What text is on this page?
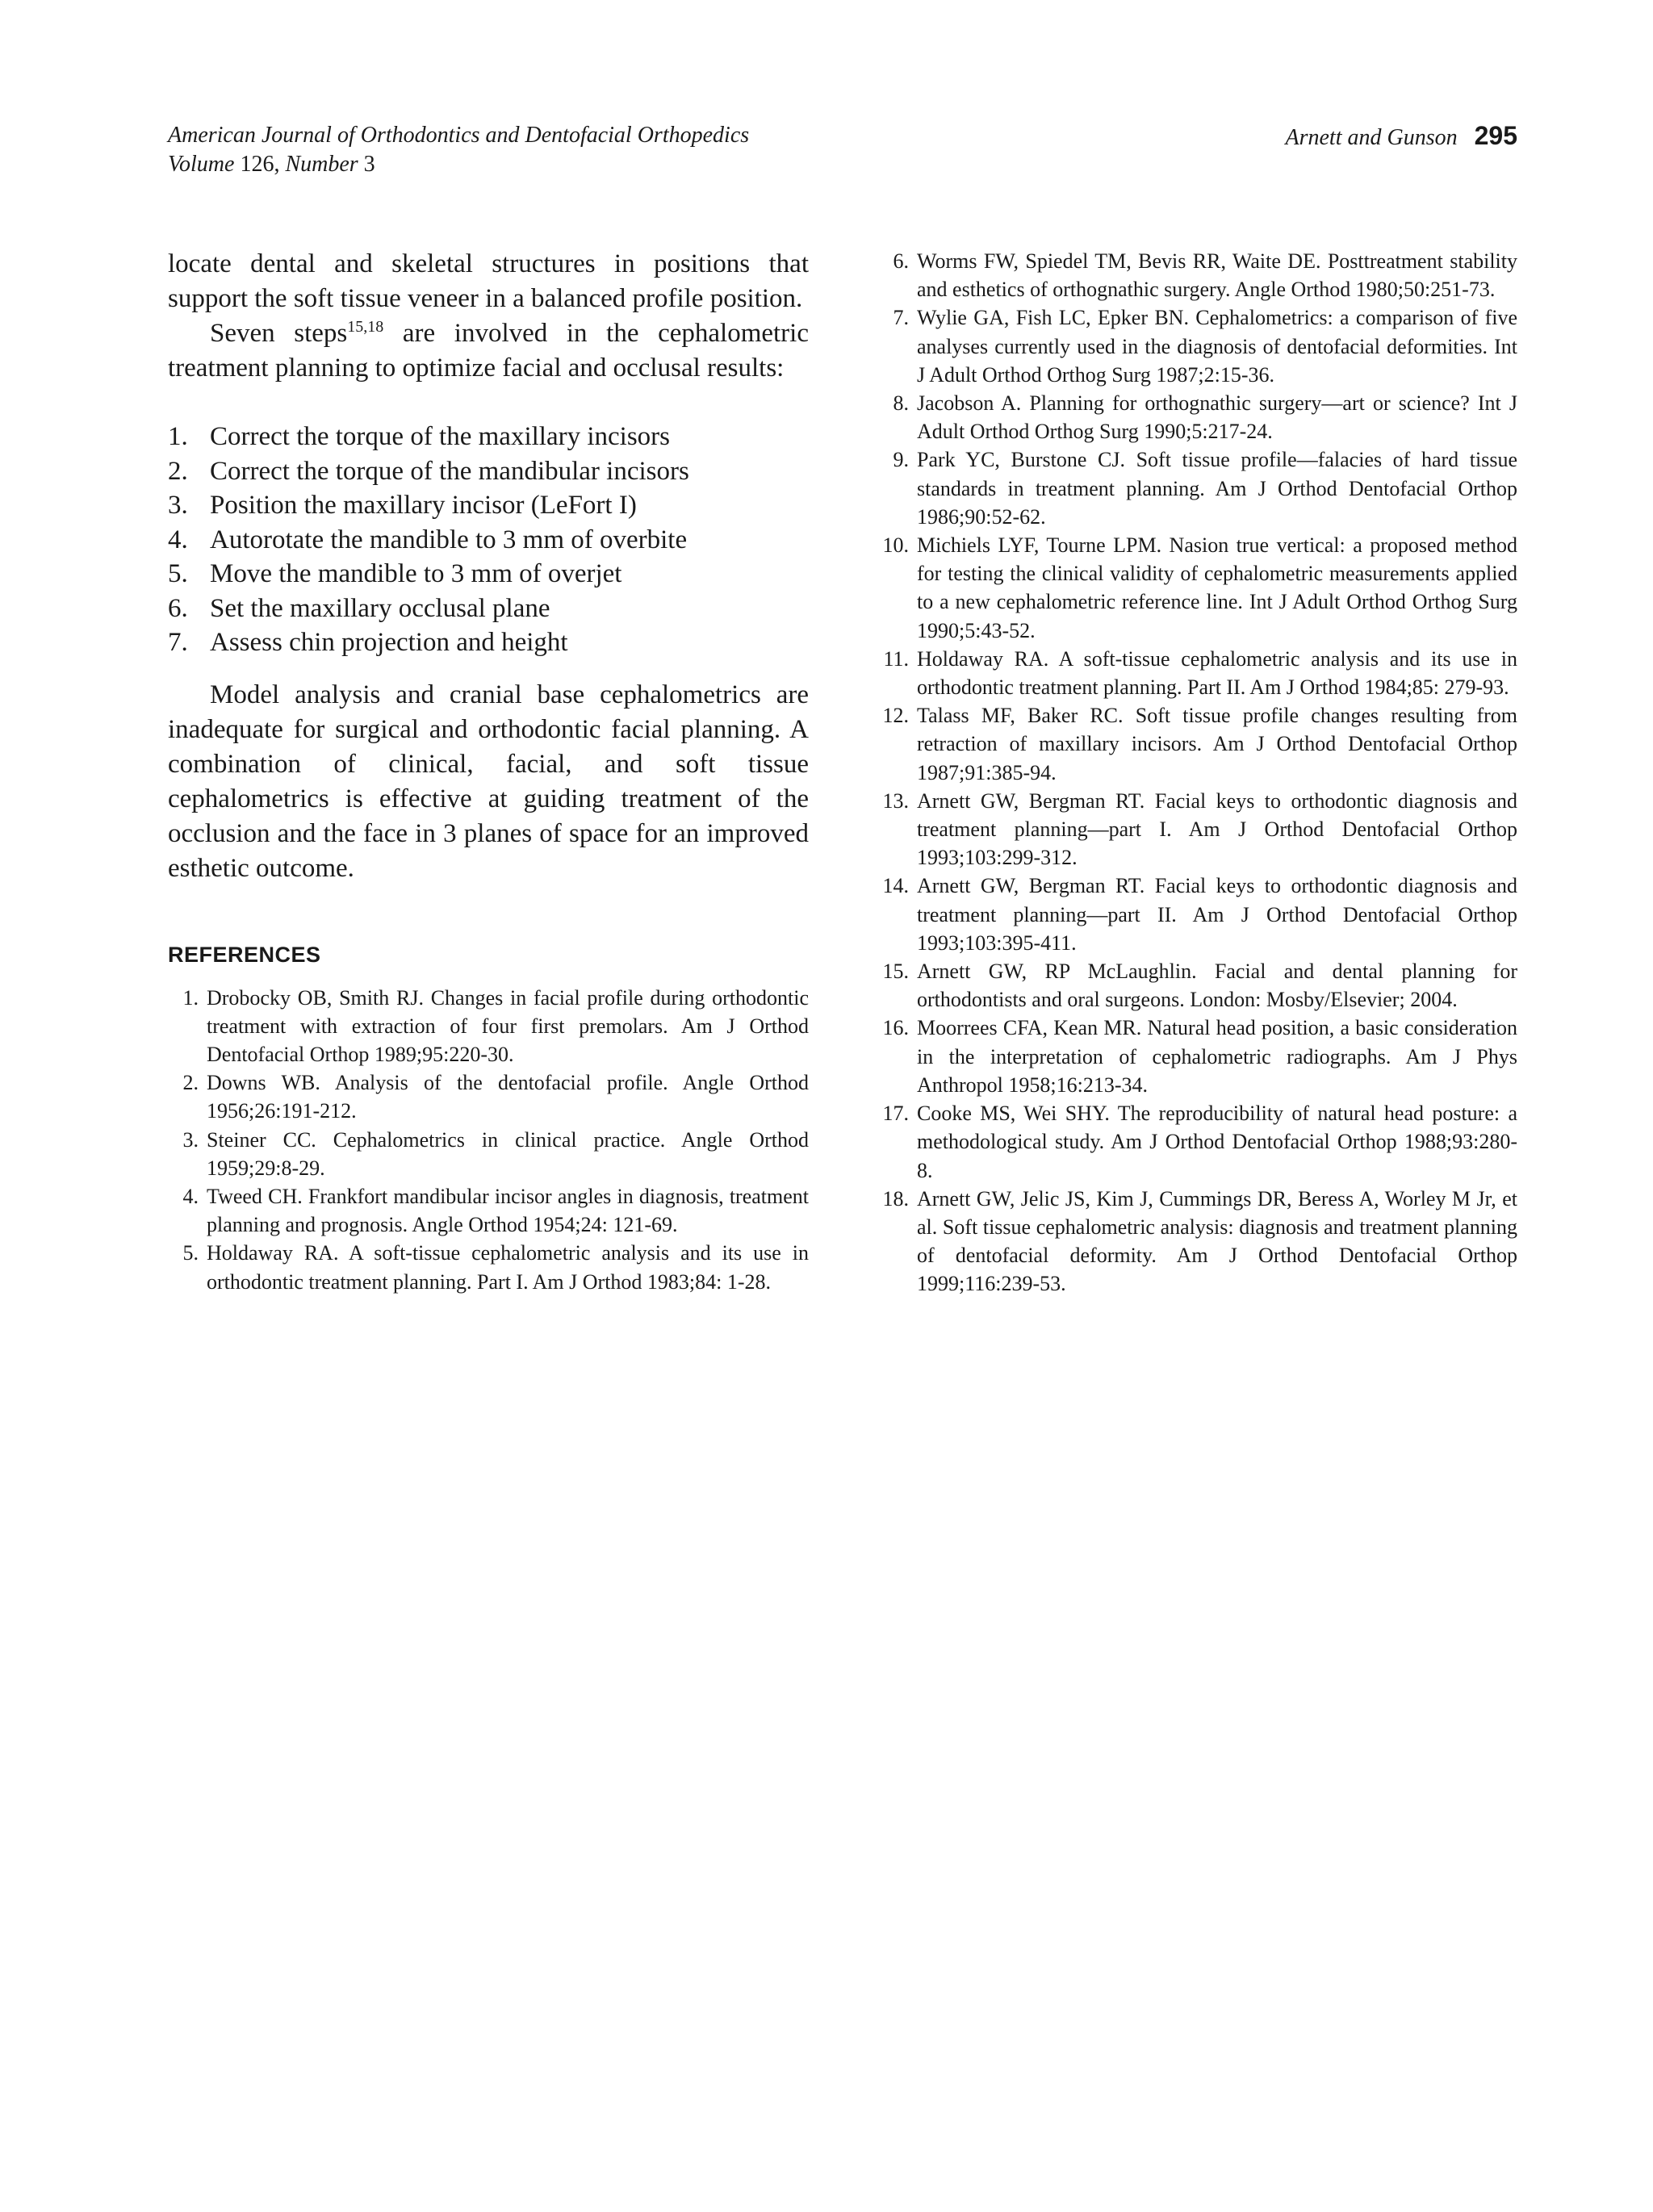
American Journal of Orthodontics and Dentofacial Orthopedics
Volume 126, Number 3
Arnett and Gunson 295

locate dental and skeletal structures in positions that support the soft tissue veneer in a balanced profile position.

Seven steps$^{15,18}$ are involved in the cephalometric treatment planning to optimize facial and occlusal results:

1. Correct the torque of the maxillary incisors
2. Correct the torque of the mandibular incisors
3. Position the maxillary incisor (LeFort I)
4. Autorotate the mandible to 3 mm of overbite
5. Move the mandible to 3 mm of overjet
6. Set the maxillary occlusal plane
7. Assess chin projection and height

Model analysis and cranial base cephalometrics are inadequate for surgical and orthodontic facial planning. A combination of clinical, facial, and soft tissue cephalometrics is effective at guiding treatment of the occlusion and the face in 3 planes of space for an improved esthetic outcome.

REFERENCES
1. Drobocky OB, Smith RJ. Changes in facial profile during orthodontic treatment with extraction of four first premolars. Am J Orthod Dentofacial Orthop 1989;95:220-30.
2. Downs WB. Analysis of the dentofacial profile. Angle Orthod 1956;26:191-212.
3. Steiner CC. Cephalometrics in clinical practice. Angle Orthod 1959;29:8-29.
4. Tweed CH. Frankfort mandibular incisor angles in diagnosis, treatment planning and prognosis. Angle Orthod 1954;24: 121-69.
5. Holdaway RA. A soft-tissue cephalometric analysis and its use in orthodontic treatment planning. Part I. Am J Orthod 1983;84: 1-28.
6. Worms FW, Spiedel TM, Bevis RR, Waite DE. Posttreatment stability and esthetics of orthognathic surgery. Angle Orthod 1980;50:251-73.
7. Wylie GA, Fish LC, Epker BN. Cephalometrics: a comparison of five analyses currently used in the diagnosis of dentofacial deformities. Int J Adult Orthod Orthog Surg 1987;2:15-36.
8. Jacobson A. Planning for orthognathic surgery—art or science? Int J Adult Orthod Orthog Surg 1990;5:217-24.
9. Park YC, Burstone CJ. Soft tissue profile—falacies of hard tissue standards in treatment planning. Am J Orthod Dentofacial Orthop 1986;90:52-62.
10. Michiels LYF, Tourne LPM. Nasion true vertical: a proposed method for testing the clinical validity of cephalometric measurements applied to a new cephalometric reference line. Int J Adult Orthod Orthog Surg 1990;5:43-52.
11. Holdaway RA. A soft-tissue cephalometric analysis and its use in orthodontic treatment planning. Part II. Am J Orthod 1984;85: 279-93.
12. Talass MF, Baker RC. Soft tissue profile changes resulting from retraction of maxillary incisors. Am J Orthod Dentofacial Orthop 1987;91:385-94.
13. Arnett GW, Bergman RT. Facial keys to orthodontic diagnosis and treatment planning—part I. Am J Orthod Dentofacial Orthop 1993;103:299-312.
14. Arnett GW, Bergman RT. Facial keys to orthodontic diagnosis and treatment planning—part II. Am J Orthod Dentofacial Orthop 1993;103:395-411.
15. Arnett GW, RP McLaughlin. Facial and dental planning for orthodontists and oral surgeons. London: Mosby/Elsevier; 2004.
16. Moorrees CFA, Kean MR. Natural head position, a basic consideration in the interpretation of cephalometric radiographs. Am J Phys Anthropol 1958;16:213-34.
17. Cooke MS, Wei SHY. The reproducibility of natural head posture: a methodological study. Am J Orthod Dentofacial Orthop 1988;93:280-8.
18. Arnett GW, Jelic JS, Kim J, Cummings DR, Beress A, Worley M Jr, et al. Soft tissue cephalometric analysis: diagnosis and treatment planning of dentofacial deformity. Am J Orthod Dentofacial Orthop 1999;116:239-53.
